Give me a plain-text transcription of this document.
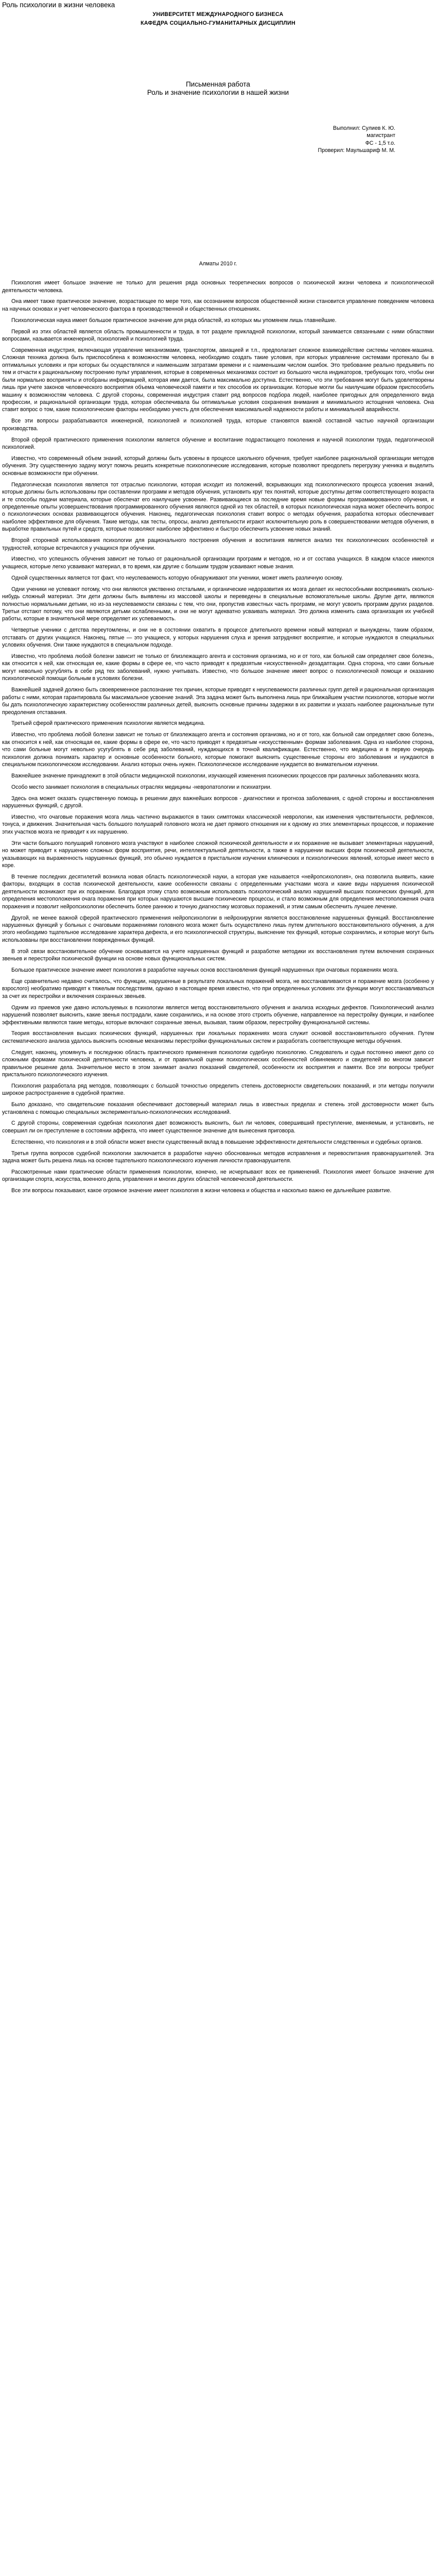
Роль психологии в жизни человека
УНИВЕРСИТЕТ МЕЖДУНАРОДНОГО БИЗНЕСА
КАФЕДРА СОЦИАЛЬНО-ГУМАНИТАРНЫХ ДИСЦИПЛИН
Письменная работа
Роль и значение психологии в нашей жизни
Выполнил: Сулиев К. Ю.
магистрант
ФС - 1,5 т.о.
Проверил: Маульшариф М. М.
Алматы 2010 г.

Психология имеет большое значение не только для решения ряда основных теоретических вопросов о психической жизни человека и психологической деятельности человека.

Она имеет также практическое значение, возрастающее по мере того, как осознанием вопросов общественной жизни становится управление поведением человека на научных основах и учет человеческого фактора в производственной и общественных отношениях.

Психологическая наука имеет большое практическое значение для ряда областей, из которых мы упомянем лишь главнейшие.

Первой из этих областей является область промышленности и труда, в тот разделе прикладной психологии, который занимается связанными с ними областями вопросами, называется инженерной, психологией и психологией труда.

Современная индустрия, включающая управление механизмами, транспортом, авиацией и т.п., предполагает сложное взаимодействие системы человек-машина. Сложная техника должна быть приспособлена к возможностям человека, необходимо создать такие условия, при которых управление системами протекало бы в оптимальных условиях и при которых бы осуществлялся и наименьшим затратами времени и с наименьшим числом ошибок. Это требование реально предъявить по тем и отчасти к рациональному построению пульт управления, которые в современных механизмах состоит из большого числа индикаторов, требующих того, чтобы они были нормально восприняты и отобраны информацией, которая ими дается, была максимально доступна. Естественно, что эти требования могут быть удовлетворены лишь при учете законов человеческого восприятия объема человеческой памяти и тех способов их организации. Которые могли бы наилучшим образом приспособить машину к возможностям человека. С другой стороны, современная индустрия ставит ряд вопросов подбора людей, наиболее пригодных для определенного вида профессии, и рациональной организации труда, которая обеспечивала бы оптимальные условия сохранения внимания и минимального истощения человека. Она ставит вопрос о том, какие психологические факторы необходимо учесть для обеспечения максимальной надежности работы и минимальной аварийности.

Все эти вопросы разрабатываются инженерной, психологией и психологией труда, которые становятся важной составной частью научной организации производства.

Второй сферой практического применения психологии является обучение и воспитание подрастающего поколения и научной психологии труда, педагогической психологией.

Известно, что современный объем знаний, который должны быть усвоены в процессе школьного обучения, требует наиболее рациональной организации методов обучения. Эту существенную задачу могут помочь решить конкретные психологические исследования, которые позволяют преодолеть перегрузку ученика и выделить основные возможности при обучении.

Педагогическая психология является тот отраслью психологии, которая исходит из положений, вскрывающих ход психологического процесса усвоения знаний, которые должны быть использованы при составлении программ и методов обучения, установить круг тех понятий, которые доступны детям соответствующего возраста и те способы подачи материала, которые обеспечат его наилучшее усвоение. Развивающиеся за последние время новые формы программированного обучения, и определенные опыты усовершенствования программированного обучения являются одной из тех областей, в которых психологическая наука может обеспечить вопрос о психологических основах развивающегося обучения. Наконец, педагогическая психология ставит вопрос о методах обучения, разработка которых обеспечивает наиболее эффективное для обучения. Такие методы, как тесты, опросы, анализ деятельности играют исключительную роль в совершенствовании методов обучения, в выработке правильных путей и средств, которые позволяют наиболее эффективно и быстро обеспечить усвоение новых знаний.

Второй сторонкой использования психологии для рационального построения обучения и воспитания является анализ тех психологических особенностей и трудностей, которые встречаются у учащихся при обучении.

Известно, что успешность обучения зависит не только от рациональной организации программ и методов, но и от состава учащихся. В каждом классе имеются учащиеся, которые легко усваивают материал, в то время, как другие с большим трудом усваивают новые знания.

Одной существенных является тот факт, что неуспеваемость которую обнаруживают эти ученики, может иметь различную основу.

Одни ученики не успевают потому, что они являются умственно отсталыми, и органические недоразвития их мозга делает их неспособными воспринимать скольно-нибудь сложный материал. Эти дети должны быть выявлены из массовой школы и переведены в специальные вспомогательные школы. Другие дети, являются полностью нормальными детьми, но из-за неуспеваемости связаны с тем, что они, пропустив известных часть программ, не могут усвоить программ других разделов. Третьи отстают потому, что они являются детьми ослабленными, и они не могут адекватно усваивать материал. Это должна изменить сама организация их учебной работы, которые в значительной мере определяет их успеваемость.

Четвертые ученики с детства переутомлены, и они не в состоянии охватить в процессе длительного времени новый материал и вынуждены, таким образом, отставать от других учащихся. Наконец, пятые — это учащиеся, у которых нарушения слуха и зрения затрудняют восприятие, и которые нуждаются в специальных условиях обучения. Они также нуждаются в специальном подходе.

Известно, что проблема любой болезни зависит не только от близлежащего агента и состояния организма, но и от того, как больной сам определяет свое болезнь, как относится к ней, как относящая ее, какие формы в сфере ее, что часто приводят к предвзятым «искусственной» дезадаптации. Одна сторона, что сами больные могут невольно усугублять в себе ряд тех заболеваний, нужно учитывать. Известно, что большое значение имеет вопрос о психологической помощи и оказанию психологической помощи больным в условиях болезни.

Важнейшей задачей должно быть своевременное распознание тех причин, которые приводят к неуспеваемости различных групп детей и рациональная организация работы с ними, которая гарантировала бы максимальное усвоение знаний. Эта задача может быть выполнена лишь при ближайшем участии психологов, которые могли бы дать психологическую характеристику особенностям различных детей, выяснить основные причины задержки в их развитии и указать наиболее рациональные пути преодоления отставания.

Третьей сферой практического применения психологии является медицина.

Известно, что проблема любой болезни зависит не только от близлежащего агента и состояния организма, но и от того, как больной сам определяет свою болезнь, как относится к ней, как относящая ее, какие формы в сфере ее, что часто приводят к предвзятым «искусственным» формам заболевания. Одна из наиболее сторона, что сами больные могут невольно усугублять в себе ряд заболеваний, нуждающихся в точной квалификации. Естественно, что медицина и в первую очередь психология должна понимать характер и основные особенности больного, которые помогают выяснить существенные стороны его заболевания и нуждаются в специальном психологическом исследовании. Анализ которых очень нужен. Психологическое исследование нуждается во внимательном изучении.

Важнейшее значение принадлежит в этой области медицинской психологии, изучающей изменения психических процессов при различных заболеваниях мозга.

Особо место занимает психология в специальных отраслях медицины -невропатологии и психиатрии.

Здесь она может оказать существенную помощь в решении двух важнейших вопросов - диагностики и прогноза заболевания, с одной стороны и восстановления нарушенных функций, с другой.

Известно, что очаговые поражения мозга лишь частично выражаются в таких симптомах классической неврологии, как изменения чувствительности, рефлексов, тонуса, и движения. Значительная часть большого полушарий головного мозга не дает прямого отношения ни к одному из этих элементарных процессов, и поражение этих участков мозга не приводит к их нарушению.

Эти части большого полушарий головного мозга участвуют в наиболее сложной психической деятельности и их поражение не вызывает элементарных нарушений, но может приводит к нарушению сложных форм восприятия, речи, интеллектуальной деятельности, а также в нарушении высших форм психической деятельности, указывающих на выраженность нарушенных функций, это обычно нуждается в пристальном изучении клинических и психологических явлений, которые имеет место в коре.

В течение последних десятилетий возникла новая область психологической науки, а которая уже называется «нейропсихология», она позволила выявить, какие факторы, входящих в состав психической деятельности, какие особенности связаны с определенными участками мозга и какие виды нарушения психической деятельности возникают при их поражении. Благодаря этому стало возможным использовать психологический анализ нарушений высших психических функций, для определения местоположения очага поражения при которых нарушаются высшие психические процессы, и стало возможным для определения местоположения очага поражения и позволит нейропсихологии обеспечить более раннюю и точную диагностику мозговых поражений, и этим самым обеспечить лучшее лечение.

Другой, не менее важной сферой практического применения нейропсихологии в нейрохирургии является восстановление нарушенных функций. Восстановление нарушенных функций у больных с очаговыми поражениями головного мозга может быть осуществлено лишь путем длительного восстановительного обучения, а для этого необходимо тщательное исследование характера дефекта, и его психологической структуры, выяснение тех функций, которые сохранились, и которые могут быть использованы при восстановлении поврежденных функций.

В этой связи восстановительное обучение основывается на учете нарушенных функций и разработке методики их восстановления путем включения сохранных звеньев и перестройки психической функции на основе новых функциональных систем.

Большое практическое значение имеет психология в разработке научных основ восстановления функций нарушенных при очаговых поражениях мозга.

Еще сравнительно недавно считалось, что функции, нарушенные в результате локальных поражений мозга, не восстанавливаются и поражение мозга (особенно у взрослого) необратимо приводят к тяжелым последствиям, однако в настоящее время известно, что при определенных условиях эти функции могут восстанавливаться за счет их перестройки и включения сохранных звеньев.

Одним из приемов уже давно используемых в психологии является метод восстановительного обучения и анализа исходных дефектов. Психологический анализ нарушений позволяет выяснить, какие звенья пострадали, какие сохранились, и на основе этого строить обучение, направленное на перестройку функции, и наиболее эффективными являются такие методы, которые включают сохранные звенья, вызывая, таким образом, перестройку функциональной системы.

Теория восстановления высших психических функций, нарушенных при локальных поражениях мозга служит основой восстановительного обучения. Путем систематического анализа удалось выяснить основные механизмы перестройки функциональных систем и разработать соответствующие методы обучения.

Следует, наконец, упомянуть и последнюю область практического применения психологии судебную психологию. Следователь и судья постоянно имеют дело со сложными формами психической деятельности человека, и от правильной оценки психологических особенностей обвиняемого и свидетелей во многом зависит правильное решение дела. Значительное место в этом занимает анализ показаний свидетелей, особенности их восприятия и памяти. Все эти вопросы требуют пристального психологического изучения.

Психология разработала ряд методов, позволяющих с большой точностью определить степень достоверности свидетельских показаний, и эти методы получили широкое распространение в судебной практике.

Было доказано, что свидетельские показания обеспечивают достоверный материал лишь в известных пределах и степень этой достоверности может быть установлена с помощью специальных экспериментально-психологических исследований.

С другой стороны, современная судебная психология дает возможность выяснить, был ли человек, совершивший преступление, вменяемым, и установить, не совершил ли он преступление в состоянии аффекта, что имеет существенное значение для вынесения приговора.

Естественно, что психология и в этой области может внести существенный вклад в повышение эффективности деятельности следственных и судебных органов.

Третья группа вопросов судебной психологии заключается в разработке научно обоснованных методов исправления и перевоспитания правонарушителей. Эта задача может быть решена лишь на основе тщательного психологического изучения личности правонарушителя.

Рассмотренные нами практические области применения психологии, конечно, не исчерпывают всех ее применений. Психология имеет большое значение для организации спорта, искусства, военного дела, управления и многих других областей человеческой деятельности.

Все эти вопросы показывают, какое огромное значение имеет психология в жизни человека и общества и насколько важно ее дальнейшее развитие.
